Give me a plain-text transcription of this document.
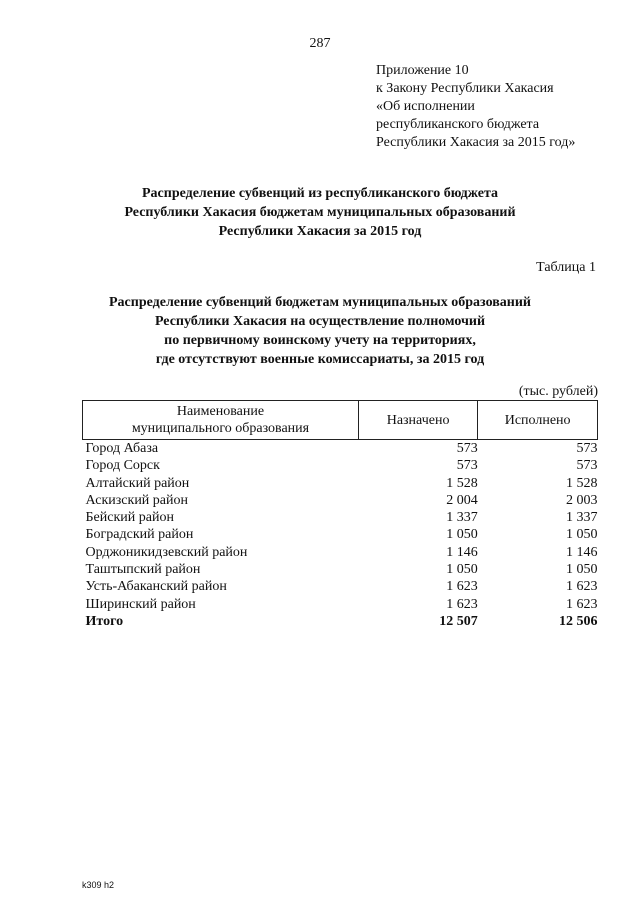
287
Приложение 10
к Закону Республики Хакасия
«Об исполнении
республиканского бюджета
Республики Хакасия за 2015 год»
Распределение субвенций из республиканского бюджета
Республики Хакасия бюджетам муниципальных образований
Республики Хакасия за 2015 год
Таблица 1
Распределение субвенций бюджетам муниципальных образований
Республики Хакасия на осуществление полномочий
по первичному воинскому учету на территориях,
где отсутствуют военные комиссариаты, за 2015 год
(тыс. рублей)
Наименование
муниципального образования	Назначено	Исполнено
Город Абаза	573	573
Город Сорск	573	573
Алтайский район	1 528	1 528
Аскизский район	2 004	2 003
Бейский район	1 337	1 337
Боградский район	1 050	1 050
Орджоникидзевский район	1 146	1 146
Таштыпский район	1 050	1 050
Усть-Абаканский район	1 623	1 623
Ширинский район	1 623	1 623
Итого	12 507	12 506
k309 h2
